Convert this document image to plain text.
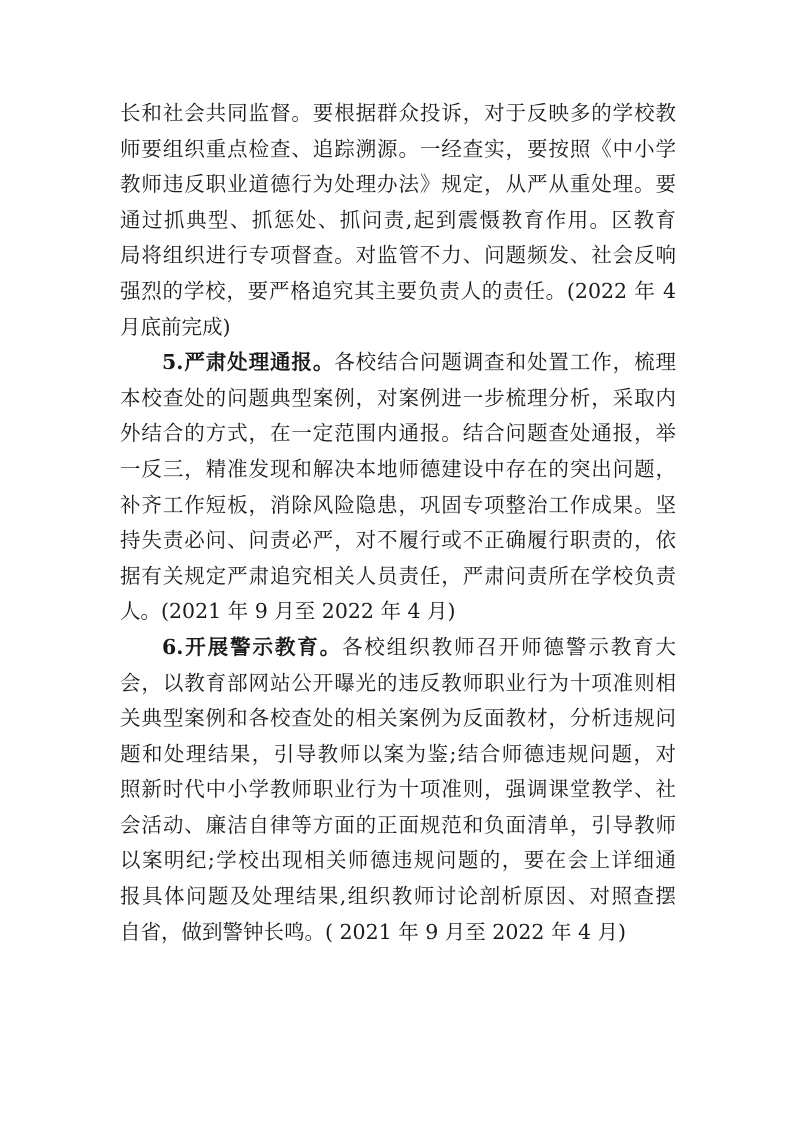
长和社会共同监督。要根据群众投诉，对于反映多的学校教
师要组织重点检查、追踪溯源。一经查实，要按照《中小学
教师违反职业道德行为处理办法》规定，从严从重处理。要
通过抓典型、抓惩处、抓问责,起到震慑教育作用。区教育
局将组织进行专项督查。对监管不力、问题频发、社会反响
强烈的学校，要严格追究其主要负责人的责任。(2022 年 4
月底前完成)
5.严肃处理通报。各校结合问题调查和处置工作，梳理
本校查处的问题典型案例，对案例进一步梳理分析，采取内
外结合的方式，在一定范围内通报。结合问题查处通报，举
一反三，精准发现和解决本地师德建设中存在的突出问题，
补齐工作短板，消除风险隐患，巩固专项整治工作成果。坚
持失责必问、问责必严，对不履行或不正确履行职责的，依
据有关规定严肃追究相关人员责任，严肃问责所在学校负责
人。(2021 年 9 月至 2022 年 4 月)
6.开展警示教育。各校组织教师召开师德警示教育大
会，以教育部网站公开曝光的违反教师职业行为十项准则相
关典型案例和各校查处的相关案例为反面教材，分析违规问
题和处理结果，引导教师以案为鉴;结合师德违规问题，对
照新时代中小学教师职业行为十项准则，强调课堂教学、社
会活动、廉洁自律等方面的正面规范和负面清单，引导教师
以案明纪;学校出现相关师德违规问题的，要在会上详细通
报具体问题及处理结果,组织教师讨论剖析原因、对照查摆
自省，做到警钟长鸣。( 2021 年 9 月至 2022 年 4 月)
